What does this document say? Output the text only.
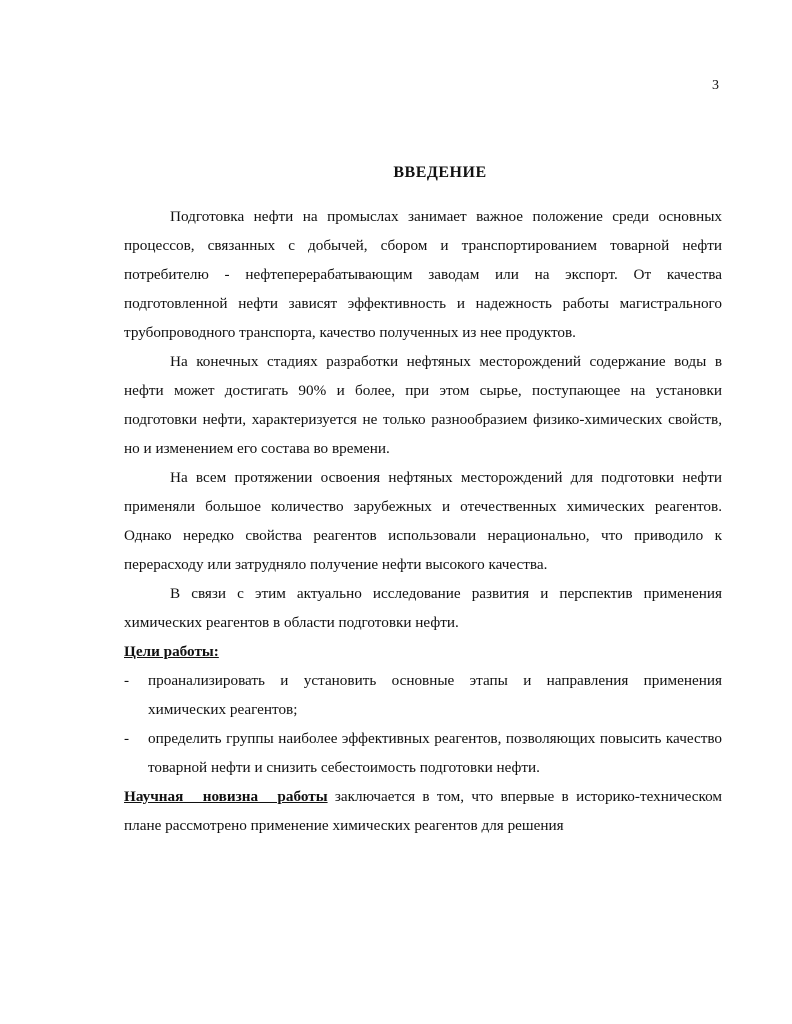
3
ВВЕДЕНИЕ

Подготовка нефти на промыслах занимает важное положение среди основных процессов, связанных с добычей, сбором и транспортированием товарной нефти потребителю - нефтеперерабатывающим заводам или на экспорт. От качества подготовленной нефти зависят эффективность и надежность работы магистрального трубопроводного транспорта, качество полученных из нее продуктов.

На конечных стадиях разработки нефтяных месторождений содержание воды в нефти может достигать 90% и более, при этом сырье, поступающее на установки подготовки нефти, характеризуется не только разнообразием физико-химических свойств, но и изменением его состава во времени.

На всем протяжении освоения нефтяных месторождений для подготовки нефти применяли большое количество зарубежных и отечественных химических реагентов. Однако нередко свойства реагентов использовали нерационально, что приводило к перерасходу или затрудняло получение нефти высокого качества.

В связи с этим актуально исследование развития и перспектив применения химических реагентов в области подготовки нефти.

Цели работы:

- проанализировать и установить основные этапы и направления применения химических реагентов;

- определить группы наиболее эффективных реагентов, позволяющих повысить качество товарной нефти и снизить себестоимость подготовки нефти.

Научная новизна работы заключается в том, что впервые в историко-техническом плане рассмотрено применение химических реагентов для решения
